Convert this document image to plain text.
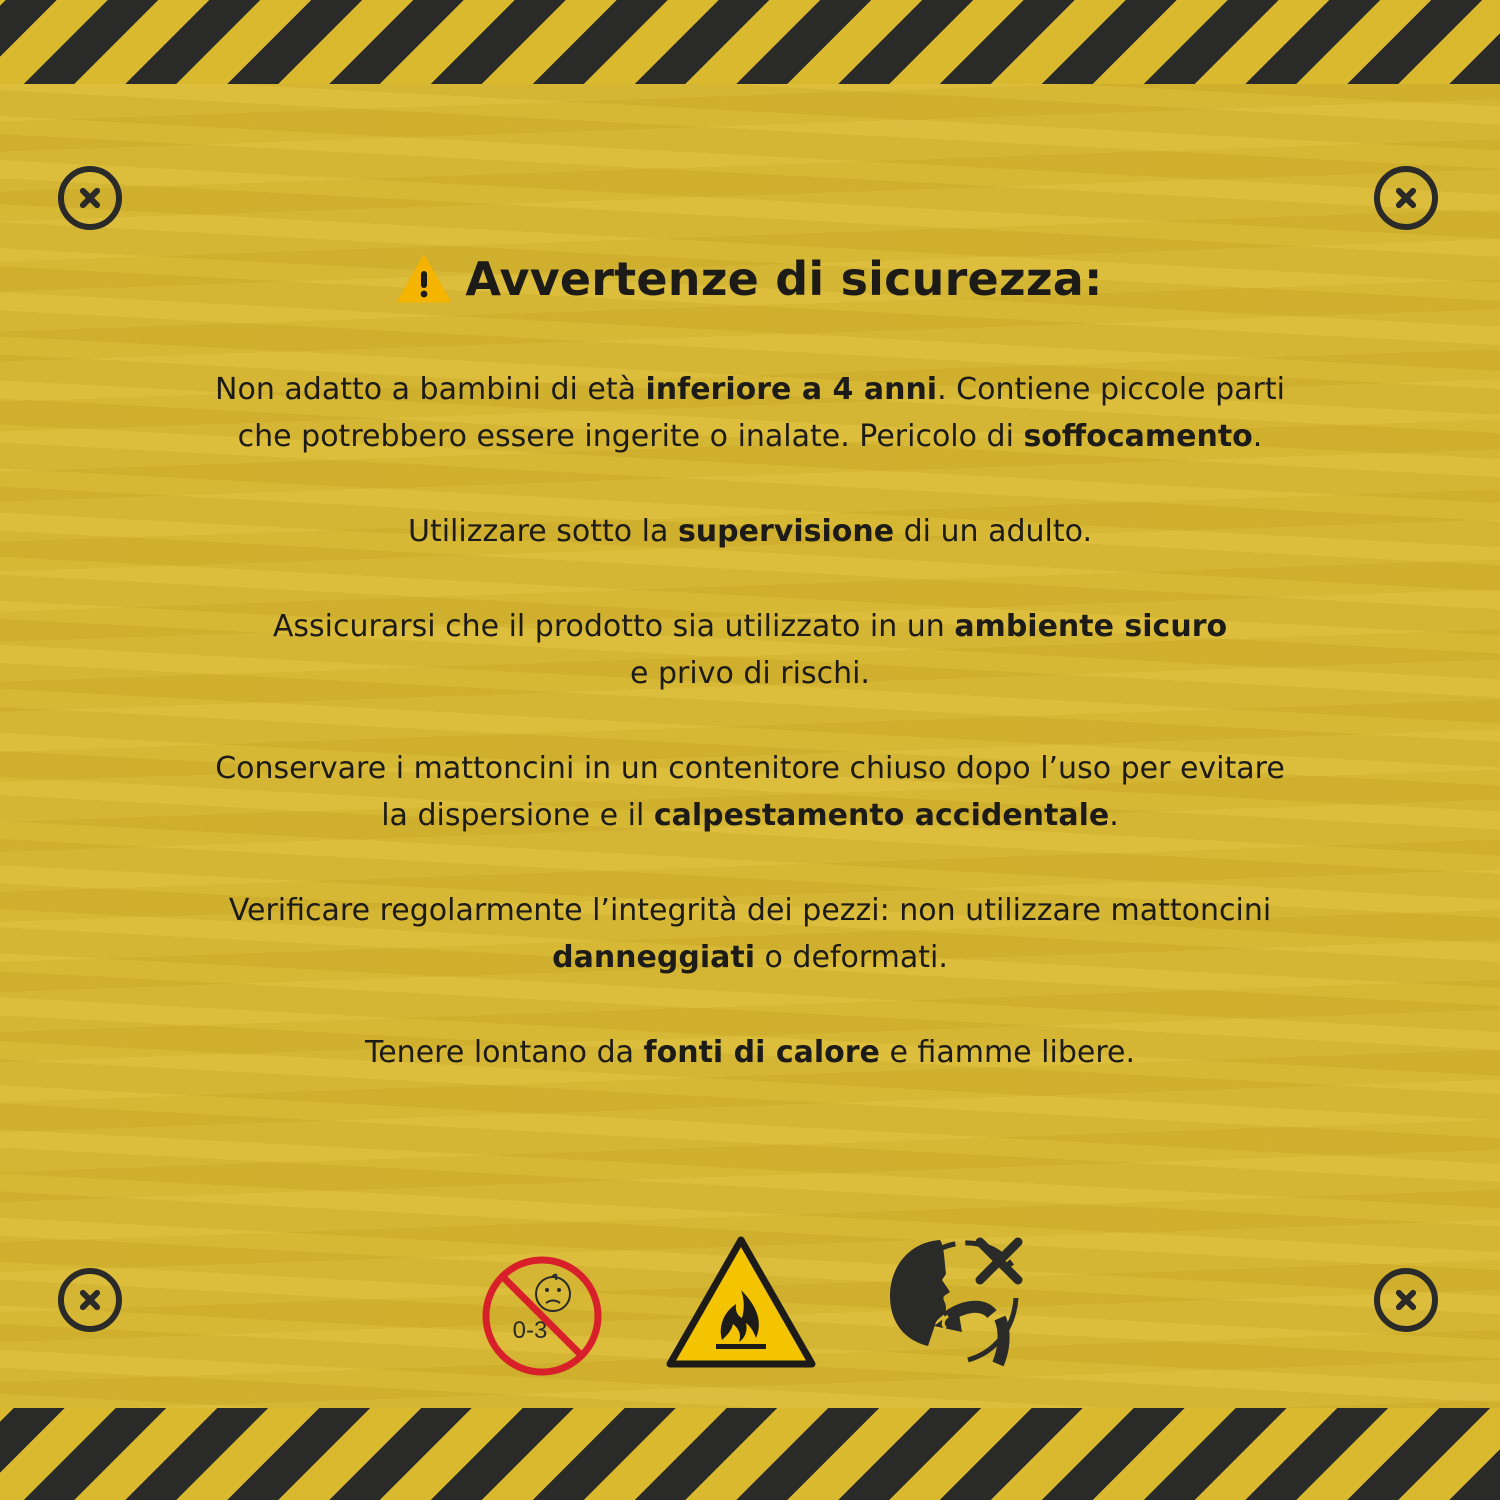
Avvertenze di sicurezza:

Non adatto a bambini di età inferiore a 4 anni. Contiene piccole parti
che potrebbero essere ingerite o inalate. Pericolo di soffocamento.

Utilizzare sotto la supervisione di un adulto.

Assicurarsi che il prodotto sia utilizzato in un ambiente sicuro
e privo di rischi.

Conservare i mattoncini in un contenitore chiuso dopo l’uso per evitare
la dispersione e il calpestamento accidentale.

Verificare regolarmente l’integrità dei pezzi: non utilizzare mattoncini
danneggiati o deformati.

Tenere lontano da fonti di calore e fiamme libere.

0-3
